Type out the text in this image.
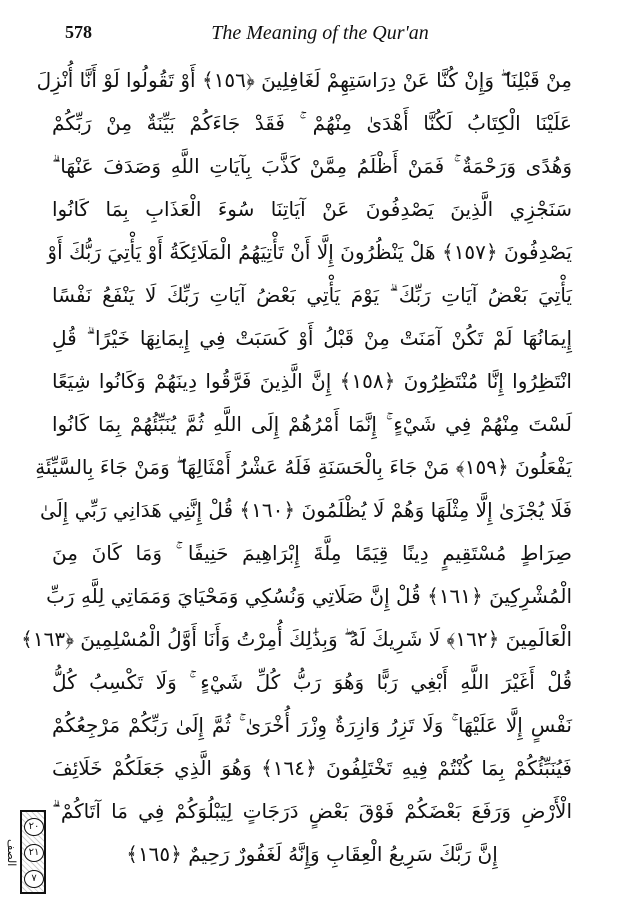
578	The Meaning of the Qur'an
مِنْ قَبْلِنَا ۖ وَإِنْ كُنَّا عَنْ دِرَاسَتِهِمْ لَغَافِلِينَ ﴿١٥٦﴾ أَوْ تَقُولُوا لَوْ أَنَّا أُنْزِلَ
عَلَيْنَا الْكِتَابُ لَكُنَّا أَهْدَىٰ مِنْهُمْ ۚ فَقَدْ جَاءَكُمْ بَيِّنَةٌ مِنْ رَبِّكُمْ
وَهُدًى وَرَحْمَةٌ ۚ فَمَنْ أَظْلَمُ مِمَّنْ كَذَّبَ بِآيَاتِ اللَّهِ وَصَدَفَ عَنْهَا ۗ
سَنَجْزِي الَّذِينَ يَصْدِفُونَ عَنْ آيَاتِنَا سُوءَ الْعَذَابِ بِمَا كَانُوا
يَصْدِفُونَ ﴿١٥٧﴾ هَلْ يَنْظُرُونَ إِلَّا أَنْ تَأْتِيَهُمُ الْمَلَائِكَةُ أَوْ يَأْتِيَ رَبُّكَ أَوْ
يَأْتِيَ بَعْضُ آيَاتِ رَبِّكَ ۗ يَوْمَ يَأْتِي بَعْضُ آيَاتِ رَبِّكَ لَا يَنْفَعُ نَفْسًا
إِيمَانُهَا لَمْ تَكُنْ آمَنَتْ مِنْ قَبْلُ أَوْ كَسَبَتْ فِي إِيمَانِهَا خَيْرًا ۗ قُلِ
انْتَظِرُوا إِنَّا مُنْتَظِرُونَ ﴿١٥٨﴾ إِنَّ الَّذِينَ فَرَّقُوا دِينَهُمْ وَكَانُوا شِيَعًا
لَسْتَ مِنْهُمْ فِي شَيْءٍ ۚ إِنَّمَا أَمْرُهُمْ إِلَى اللَّهِ ثُمَّ يُنَبِّئُهُمْ بِمَا كَانُوا
يَفْعَلُونَ ﴿١٥٩﴾ مَنْ جَاءَ بِالْحَسَنَةِ فَلَهُ عَشْرُ أَمْثَالِهَا ۖ وَمَنْ جَاءَ بِالسَّيِّئَةِ
فَلَا يُجْزَىٰ إِلَّا مِثْلَهَا وَهُمْ لَا يُظْلَمُونَ ﴿١٦٠﴾ قُلْ إِنَّنِي هَدَانِي رَبِّي إِلَىٰ
صِرَاطٍ مُسْتَقِيمٍ دِينًا قِيَمًا مِلَّةَ إِبْرَاهِيمَ حَنِيفًا ۚ وَمَا كَانَ مِنَ
الْمُشْرِكِينَ ﴿١٦١﴾ قُلْ إِنَّ صَلَاتِي وَنُسُكِي وَمَحْيَايَ وَمَمَاتِي لِلَّهِ رَبِّ
الْعَالَمِينَ ﴿١٦٢﴾ لَا شَرِيكَ لَهُ ۖ وَبِذَٰلِكَ أُمِرْتُ وَأَنَا أَوَّلُ الْمُسْلِمِينَ ﴿١٦٣﴾
قُلْ أَغَيْرَ اللَّهِ أَبْغِي رَبًّا وَهُوَ رَبُّ كُلِّ شَيْءٍ ۚ وَلَا تَكْسِبُ كُلُّ
نَفْسٍ إِلَّا عَلَيْهَا ۚ وَلَا تَزِرُ وَازِرَةٌ وِزْرَ أُخْرَىٰ ۚ ثُمَّ إِلَىٰ رَبِّكُمْ مَرْجِعُكُمْ
فَيُنَبِّئُكُمْ بِمَا كُنْتُمْ فِيهِ تَخْتَلِفُونَ ﴿١٦٤﴾ وَهُوَ الَّذِي جَعَلَكُمْ خَلَائِفَ
الْأَرْضِ وَرَفَعَ بَعْضَكُمْ فَوْقَ بَعْضٍ دَرَجَاتٍ لِيَبْلُوَكُمْ فِي مَا آتَاكُمْ ۗ
إِنَّ رَبَّكَ سَرِيعُ الْعِقَابِ وَإِنَّهُ لَغَفُورٌ رَحِيمٌ ﴿١٦٥﴾
الصف
٢٠
٢١
٧
